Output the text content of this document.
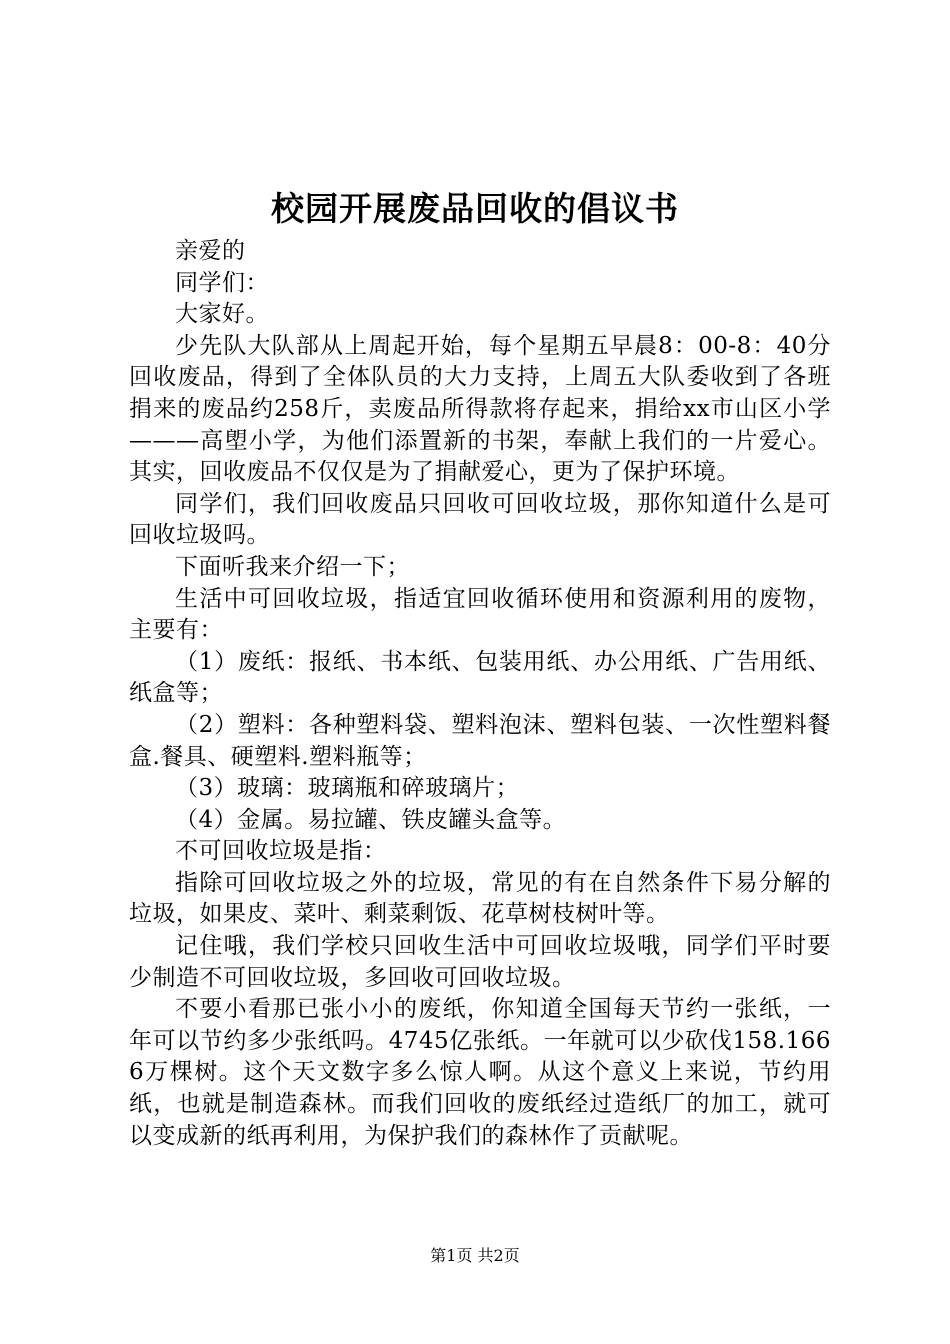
校园开展废品回收的倡议书

亲爱的

同学们：

大家好。

少先队大队部从上周起开始，每个星期五早晨8：00-8：40分回收废品，得到了全体队员的大力支持，上周五大队委收到了各班捐来的废品约258斤，卖废品所得款将存起来，捐给xx市山区小学———高塱小学，为他们添置新的书架，奉献上我们的一片爱心。其实，回收废品不仅仅是为了捐献爱心，更为了保护环境。

同学们，我们回收废品只回收可回收垃圾，那你知道什么是可回收垃圾吗。

下面听我来介绍一下；

生活中可回收垃圾，指适宜回收循环使用和资源利用的废物，主要有：

（1）废纸：报纸、书本纸、包装用纸、办公用纸、广告用纸、纸盒等；

（2）塑料：各种塑料袋、塑料泡沫、塑料包装、一次性塑料餐盒.餐具、硬塑料.塑料瓶等；

（3）玻璃：玻璃瓶和碎玻璃片；

（4）金属。易拉罐、铁皮罐头盒等。

不可回收垃圾是指：

指除可回收垃圾之外的垃圾，常见的有在自然条件下易分解的垃圾，如果皮、菜叶、剩菜剩饭、花草树枝树叶等。

记住哦，我们学校只回收生活中可回收垃圾哦，同学们平时要少制造不可回收垃圾，多回收可回收垃圾。

不要小看那已张小小的废纸，你知道全国每天节约一张纸，一年可以节约多少张纸吗。4745亿张纸。一年就可以少砍伐158.1666万棵树。这个天文数字多么惊人啊。从这个意义上来说，节约用纸，也就是制造森林。而我们回收的废纸经过造纸厂的加工，就可以变成新的纸再利用，为保护我们的森林作了贡献呢。

第1页 共2页
